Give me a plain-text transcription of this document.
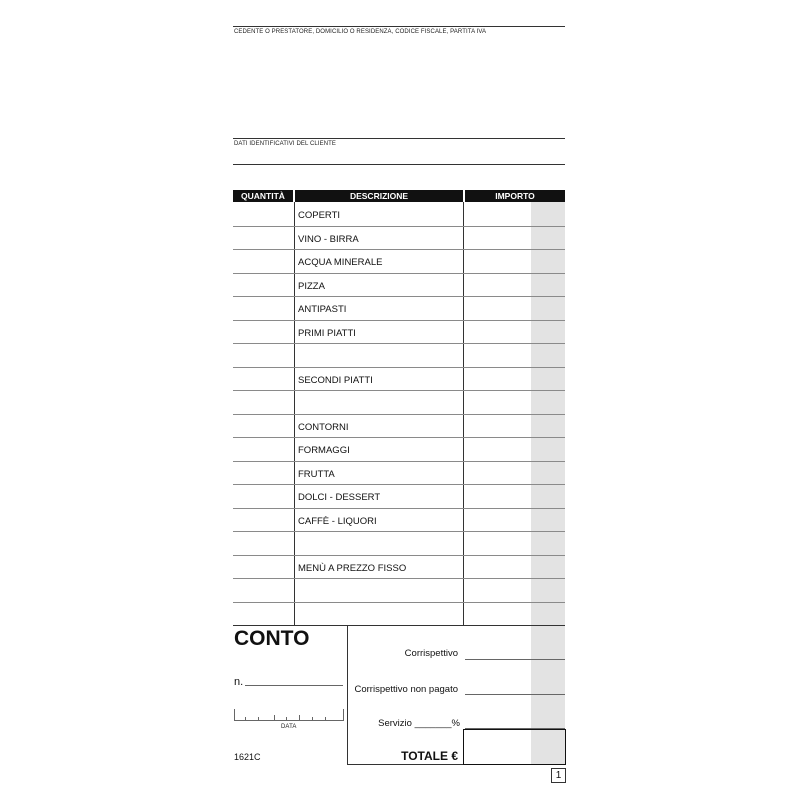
CEDENTE O PRESTATORE, DOMICILIO O RESIDENZA, CODICE FISCALE, PARTITA IVA
DATI IDENTIFICATIVI DEL CLIENTE
QUANTITÀ	DESCRIZIONE	IMPORTO
COPERTI
VINO - BIRRA
ACQUA MINERALE
PIZZA
ANTIPASTI
PRIMI PIATTI
SECONDI PIATTI
CONTORNI
FORMAGGI
FRUTTA
DOLCI - DESSERT
CAFFÈ - LIQUORI
MENÙ A PREZZO FISSO
CONTO
n.
DATA
1621C
Corrispettivo
Corrispettivo non pagato
Servizio _______%
TOTALE €
1
